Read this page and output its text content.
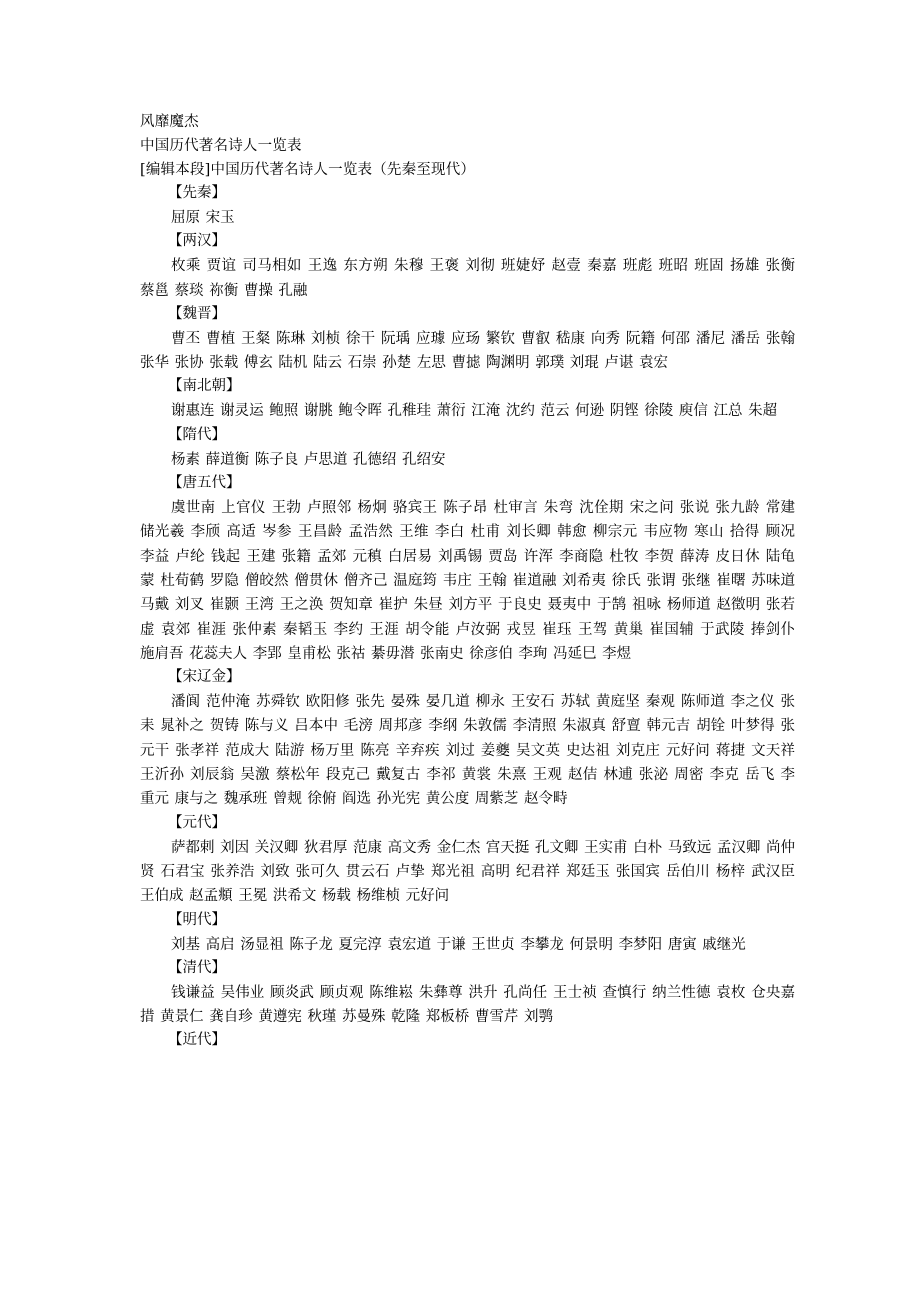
风靡魔杰
中国历代著名诗人一览表
[编辑本段]中国历代著名诗人一览表（先秦至现代）
【先秦】

屈原 宋玉

【两汉】

枚乘 贾谊 司马相如 王逸 东方朔 朱穆 王褒 刘彻 班婕妤 赵壹 秦嘉 班彪 班昭 班固 扬雄 张衡 蔡邕 蔡琰 祢衡 曹操 孔融

【魏晋】

曹丕 曹植 王粲 陈琳 刘桢 徐干 阮瑀 应璩 应玚 繁钦 曹叡 嵇康 向秀 阮籍 何邵 潘尼 潘岳 张翰 张华 张协 张载 傅玄 陆机 陆云 石崇 孙楚 左思 曹摅 陶渊明 郭璞 刘琨 卢谌 袁宏

【南北朝】

谢惠连 谢灵运 鲍照 谢朓 鲍令晖 孔稚珪 萧衍 江淹 沈约 范云 何逊 阴铿 徐陵 庾信 江总 朱超

【隋代】

杨素 薛道衡 陈子良 卢思道 孔德绍 孔绍安

【唐五代】

虞世南 上官仪 王勃 卢照邻 杨炯 骆宾王 陈子昂 杜审言 朱弯 沈佺期 宋之问 张说 张九龄 常建 储光羲 李颀 高适 岑参 王昌龄 孟浩然 王维 李白 杜甫 刘长卿 韩愈 柳宗元 韦应物 寒山 拾得 顾况 李益 卢纶 钱起 王建 张籍 孟郊 元稹 白居易 刘禹锡 贾岛 许浑 李商隐 杜牧 李贺 薛涛 皮日休 陆龟蒙 杜荀鹤 罗隐 僧皎然 僧贯休 僧齐己 温庭筠 韦庄 王翰 崔道融 刘希夷 徐氏 张谓 张继 崔曙 苏味道 马戴 刘叉 崔颢 王湾 王之涣 贺知章 崔护 朱昼 刘方平 于良史 聂夷中 于鹄 祖咏 杨师道 赵徵明 张若虚 袁郊 崔涯 张仲素 秦韬玉 李约 王涯 胡令能 卢汝弼 戎昱 崔珏 王驾 黄巢 崔国辅 于武陵 捧剑仆 施肩吾 花蕊夫人 李郢 皇甫松 张祜 綦毋潜 张南史 徐彦伯 李珣 冯延巳 李煜

【宋辽金】

潘阆 范仲淹 苏舜钦 欧阳修 张先 晏殊 晏几道 柳永 王安石 苏轼 黄庭坚 秦观 陈师道 李之仪 张耒 晁补之 贺铸 陈与义 吕本中 毛滂 周邦彦 李纲 朱敦儒 李清照 朱淑真 舒亶 韩元吉 胡铨 叶梦得 张元干 张孝祥 范成大 陆游 杨万里 陈亮 辛弃疾 刘过 姜夔 吴文英 史达祖 刘克庄 元好问 蒋捷 文天祥 王沂孙 刘辰翁 吴激 蔡松年 段克己 戴复古 李祁 黄裳 朱熹 王观 赵佶 林逋 张泌 周密 李克 岳飞 李重元 康与之 魏承班 曾觌 徐俯 阎选 孙光宪 黄公度 周紫芝 赵令畤

【元代】

萨都剌 刘因 关汉卿 狄君厚 范康 高文秀 金仁杰 宫天挺 孔文卿 王实甫 白朴 马致远 孟汉卿 尚仲贤 石君宝 张养浩 刘致 张可久 贯云石 卢挚 郑光祖 高明 纪君祥 郑廷玉 张国宾 岳伯川 杨梓 武汉臣 王伯成 赵孟頫 王冕 洪希文 杨载 杨维桢 元好问

【明代】

刘基 高启 汤显祖 陈子龙 夏完淳 袁宏道 于谦 王世贞 李攀龙 何景明 李梦阳 唐寅 戚继光

【清代】

钱谦益 吴伟业 顾炎武 顾贞观 陈维崧 朱彝尊 洪升 孔尚任 王士祯 查慎行 纳兰性德 袁枚 仓央嘉措 黄景仁 龚自珍 黄遵宪 秋瑾 苏曼殊 乾隆 郑板桥 曹雪芹 刘鹗

【近代】
